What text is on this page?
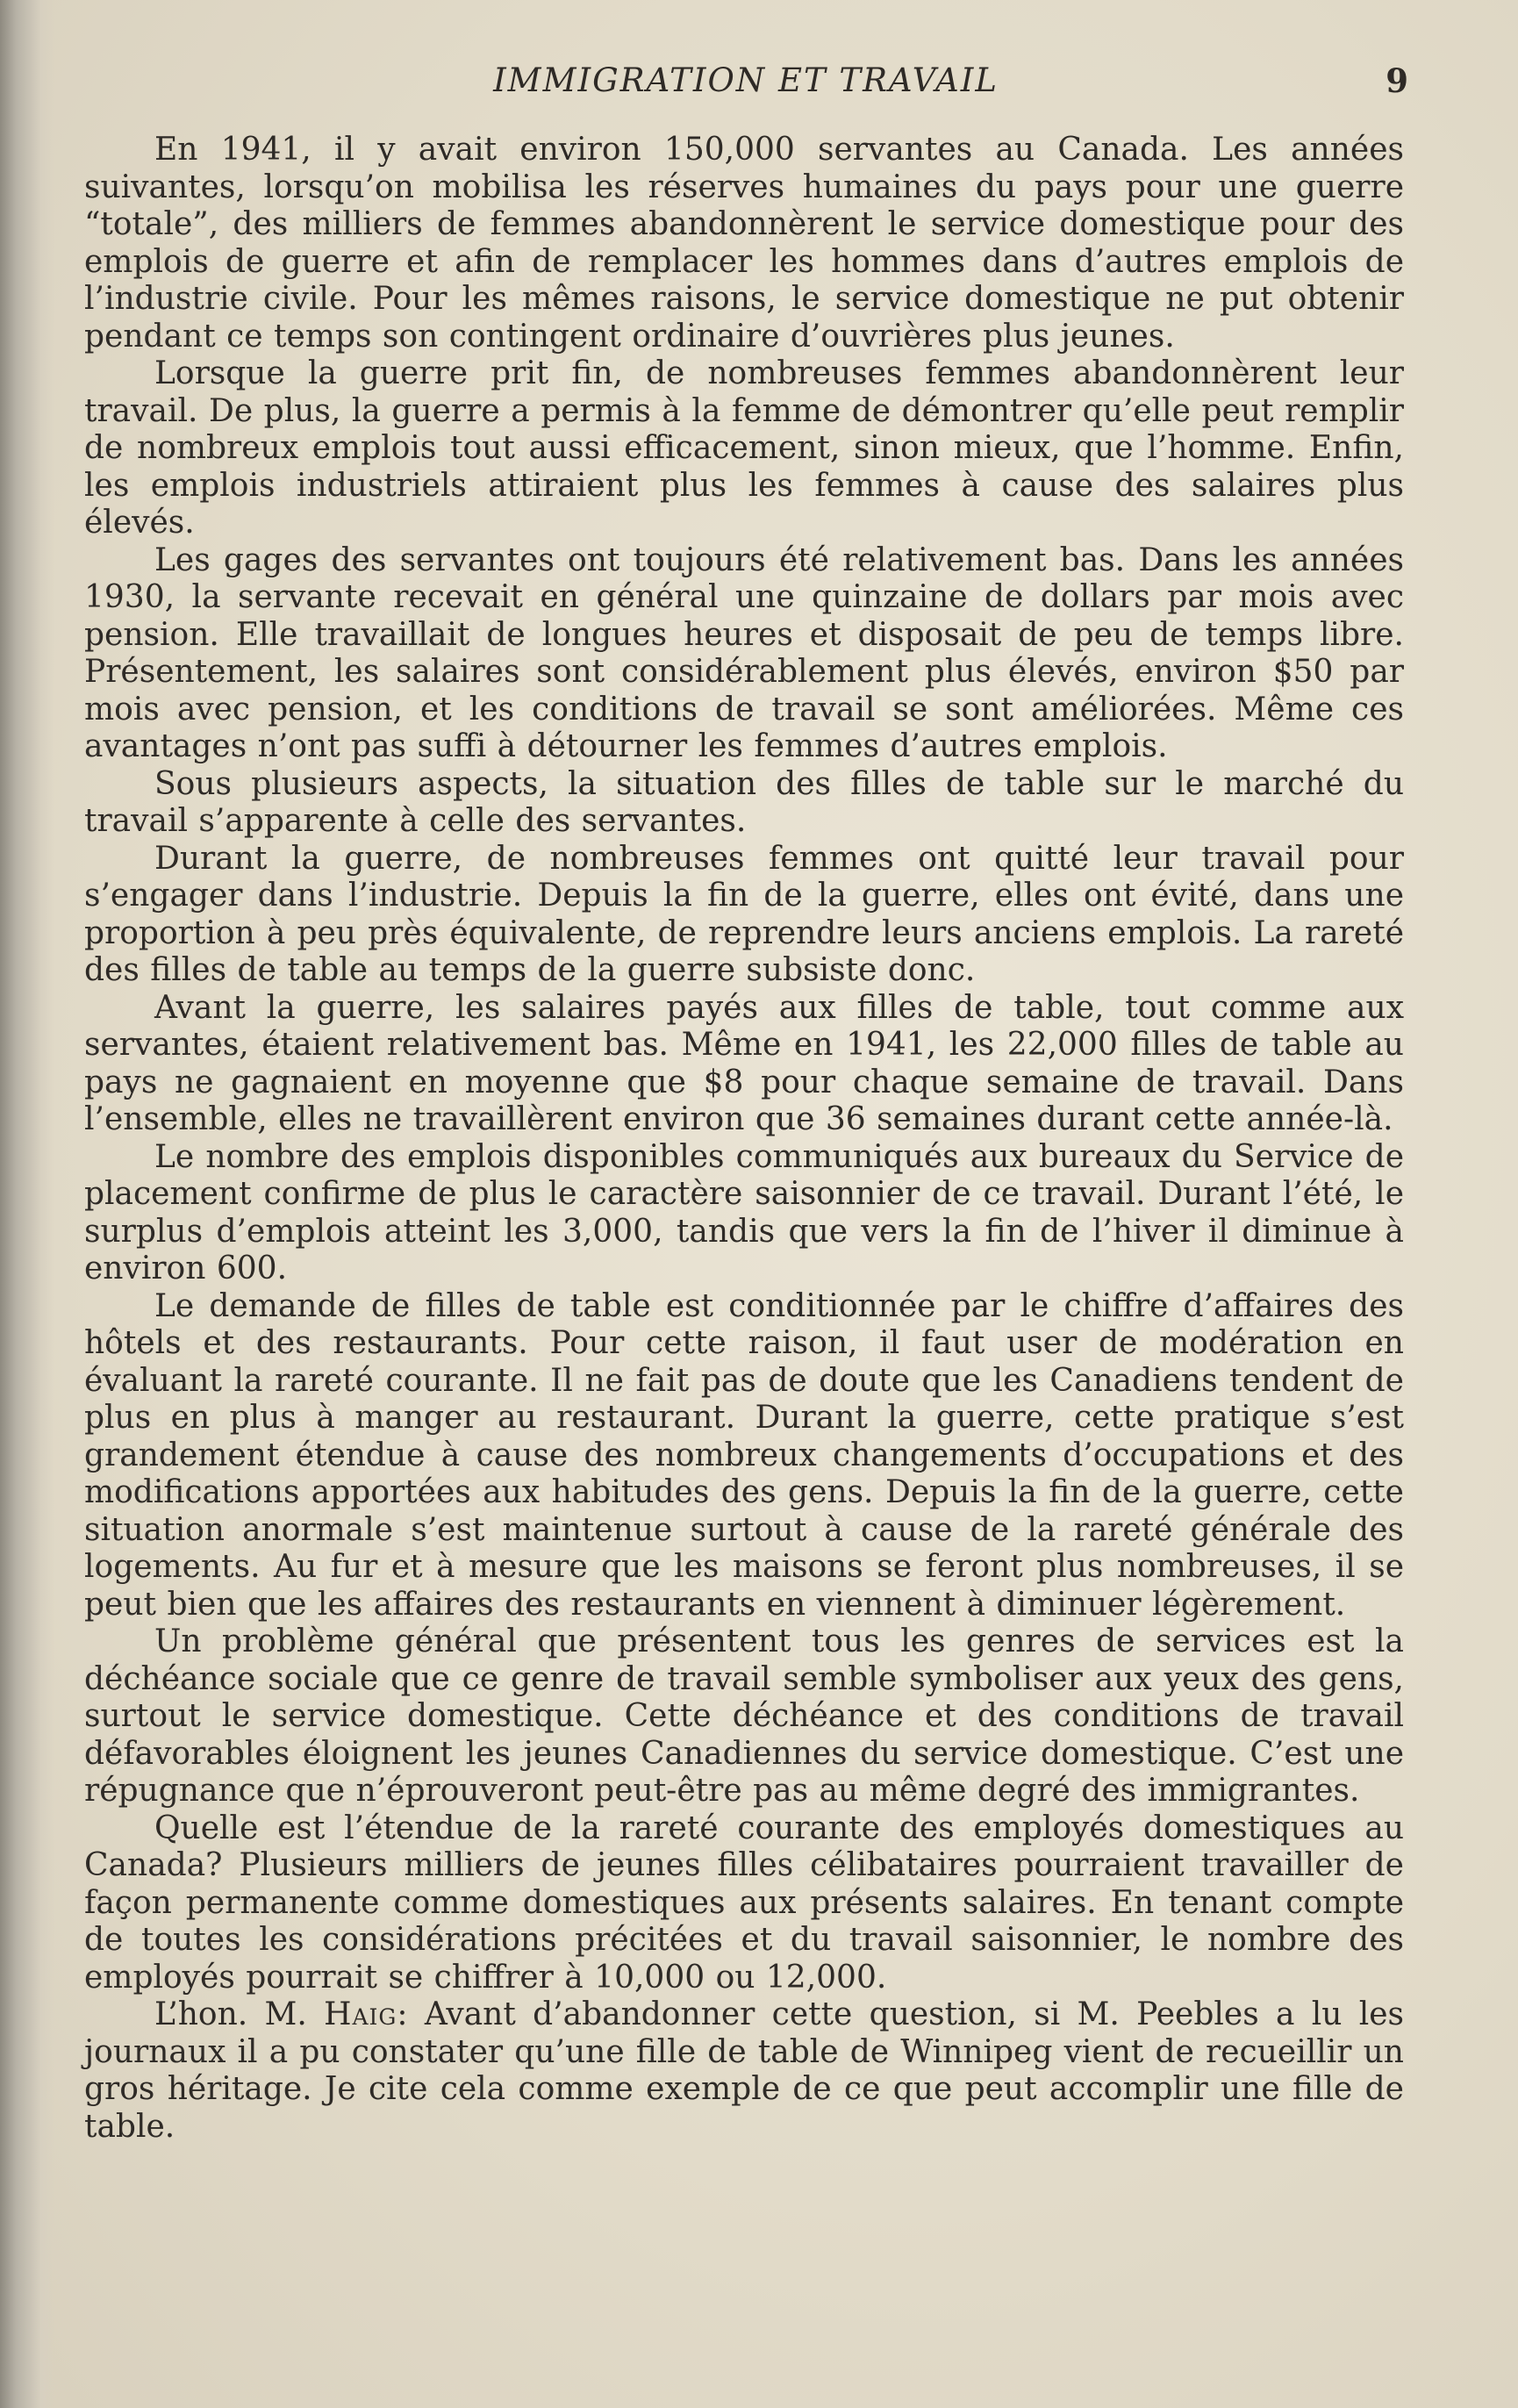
IMMIGRATION ET TRAVAIL	9

En 1941, il y avait environ 150,000 servantes au Canada. Les années suivantes, lorsqu’on mobilisa les réserves humaines du pays pour une guerre “totale”, des milliers de femmes abandonnèrent le service domestique pour des emplois de guerre et afin de remplacer les hommes dans d’autres emplois de l’industrie civile. Pour les mêmes raisons, le service domestique ne put obtenir pendant ce temps son contingent ordinaire d’ouvrières plus jeunes.

Lorsque la guerre prit fin, de nombreuses femmes abandonnèrent leur travail. De plus, la guerre a permis à la femme de démontrer qu’elle peut remplir de nombreux emplois tout aussi efficacement, sinon mieux, que l’homme. Enfin, les emplois industriels attiraient plus les femmes à cause des salaires plus élevés.

Les gages des servantes ont toujours été relativement bas. Dans les années 1930, la servante recevait en général une quinzaine de dollars par mois avec pension. Elle travaillait de longues heures et disposait de peu de temps libre. Présentement, les salaires sont considérablement plus élevés, environ $50 par mois avec pension, et les conditions de travail se sont améliorées. Même ces avantages n’ont pas suffi à détourner les femmes d’autres emplois.

Sous plusieurs aspects, la situation des filles de table sur le marché du travail s’apparente à celle des servantes.

Durant la guerre, de nombreuses femmes ont quitté leur travail pour s’engager dans l’industrie. Depuis la fin de la guerre, elles ont évité, dans une proportion à peu près équivalente, de reprendre leurs anciens emplois. La rareté des filles de table au temps de la guerre subsiste donc.

Avant la guerre, les salaires payés aux filles de table, tout comme aux servantes, étaient relativement bas. Même en 1941, les 22,000 filles de table au pays ne gagnaient en moyenne que $8 pour chaque semaine de travail. Dans l’ensemble, elles ne travaillèrent environ que 36 semaines durant cette année-là.

Le nombre des emplois disponibles communiqués aux bureaux du Service de placement confirme de plus le caractère saisonnier de ce travail. Durant l’été, le surplus d’emplois atteint les 3,000, tandis que vers la fin de l’hiver il diminue à environ 600.

Le demande de filles de table est conditionnée par le chiffre d’affaires des hôtels et des restaurants. Pour cette raison, il faut user de modération en évaluant la rareté courante. Il ne fait pas de doute que les Canadiens tendent de plus en plus à manger au restaurant. Durant la guerre, cette pratique s’est grandement étendue à cause des nombreux changements d’occupations et des modifications apportées aux habitudes des gens. Depuis la fin de la guerre, cette situation anormale s’est maintenue surtout à cause de la rareté générale des logements. Au fur et à mesure que les maisons se feront plus nombreuses, il se peut bien que les affaires des restaurants en viennent à diminuer légèrement.

Un problème général que présentent tous les genres de services est la déchéance sociale que ce genre de travail semble symboliser aux yeux des gens, surtout le service domestique. Cette déchéance et des conditions de travail défavorables éloignent les jeunes Canadiennes du service domestique. C’est une répugnance que n’éprouveront peut-être pas au même degré des immigrantes.

Quelle est l’étendue de la rareté courante des employés domestiques au Canada? Plusieurs milliers de jeunes filles célibataires pourraient travailler de façon permanente comme domestiques aux présents salaires. En tenant compte de toutes les considérations précitées et du travail saisonnier, le nombre des employés pourrait se chiffrer à 10,000 ou 12,000.

L’hon. M. Haig: Avant d’abandonner cette question, si M. Peebles a lu les journaux il a pu constater qu’une fille de table de Winnipeg vient de recueillir un gros héritage. Je cite cela comme exemple de ce que peut accomplir une fille de table.
